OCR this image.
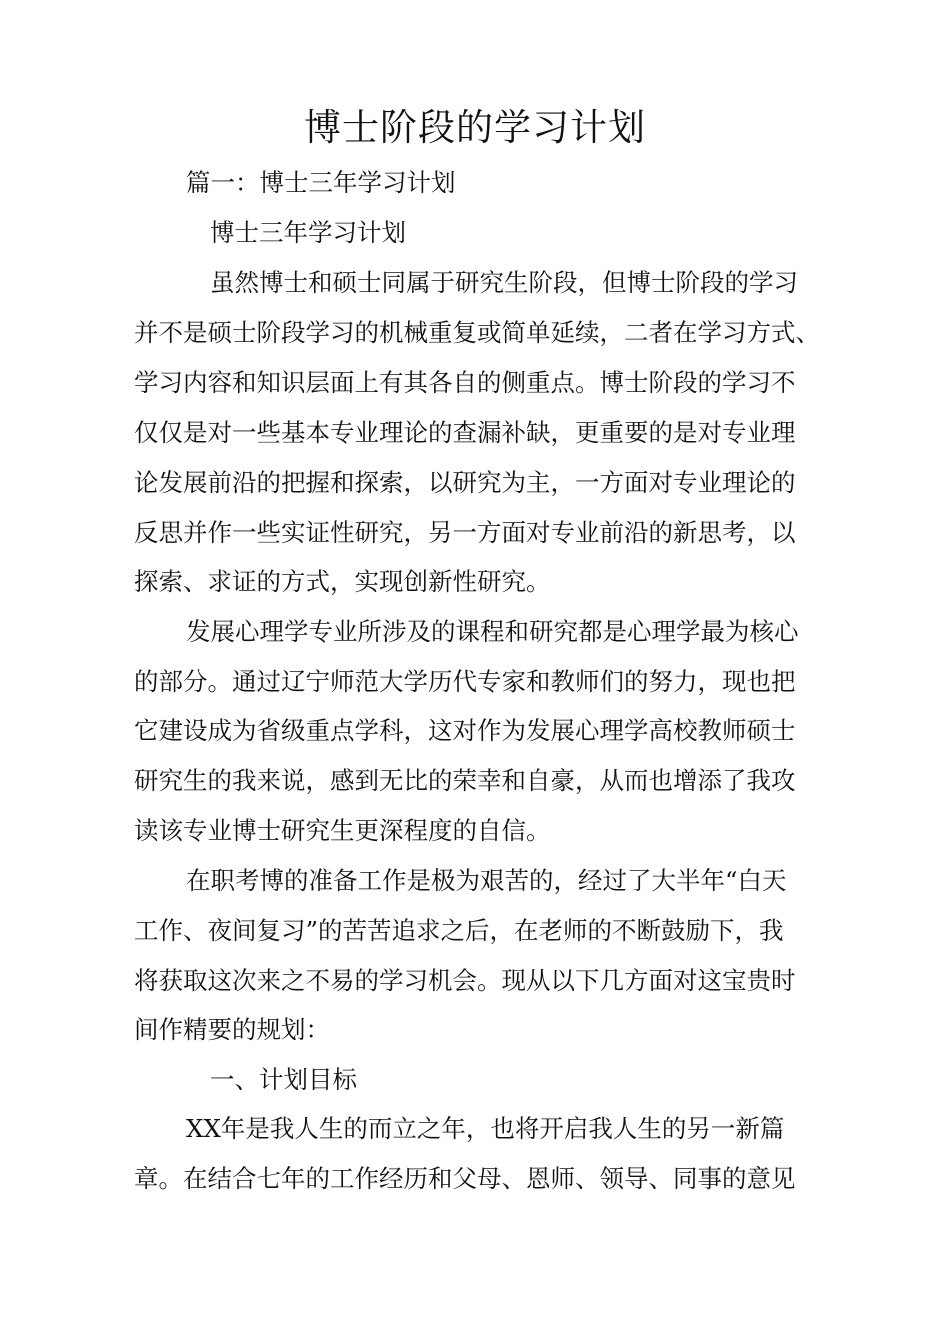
博士阶段的学习计划
篇一：博士三年学习计划
博士三年学习计划
虽然博士和硕士同属于研究生阶段，但博士阶段的学习
并不是硕士阶段学习的机械重复或简单延续，二者在学习方式、
学习内容和知识层面上有其各自的侧重点。博士阶段的学习不
仅仅是对一些基本专业理论的查漏补缺，更重要的是对专业理
论发展前沿的把握和探索，以研究为主，一方面对专业理论的
反思并作一些实证性研究，另一方面对专业前沿的新思考，以
探索、求证的方式，实现创新性研究。
发展心理学专业所涉及的课程和研究都是心理学最为核心
的部分。通过辽宁师范大学历代专家和教师们的努力，现也把
它建设成为省级重点学科，这对作为发展心理学高校教师硕士
研究生的我来说，感到无比的荣幸和自豪，从而也增添了我攻
读该专业博士研究生更深程度的自信。
在职考博的准备工作是极为艰苦的，经过了大半年“白天
工作、夜间复习”的苦苦追求之后，在老师的不断鼓励下，我
将获取这次来之不易的学习机会。现从以下几方面对这宝贵时
间作精要的规划：
一、计划目标
XX年是我人生的而立之年，也将开启我人生的另一新篇
章。在结合七年的工作经历和父母、恩师、领导、同事的意见
